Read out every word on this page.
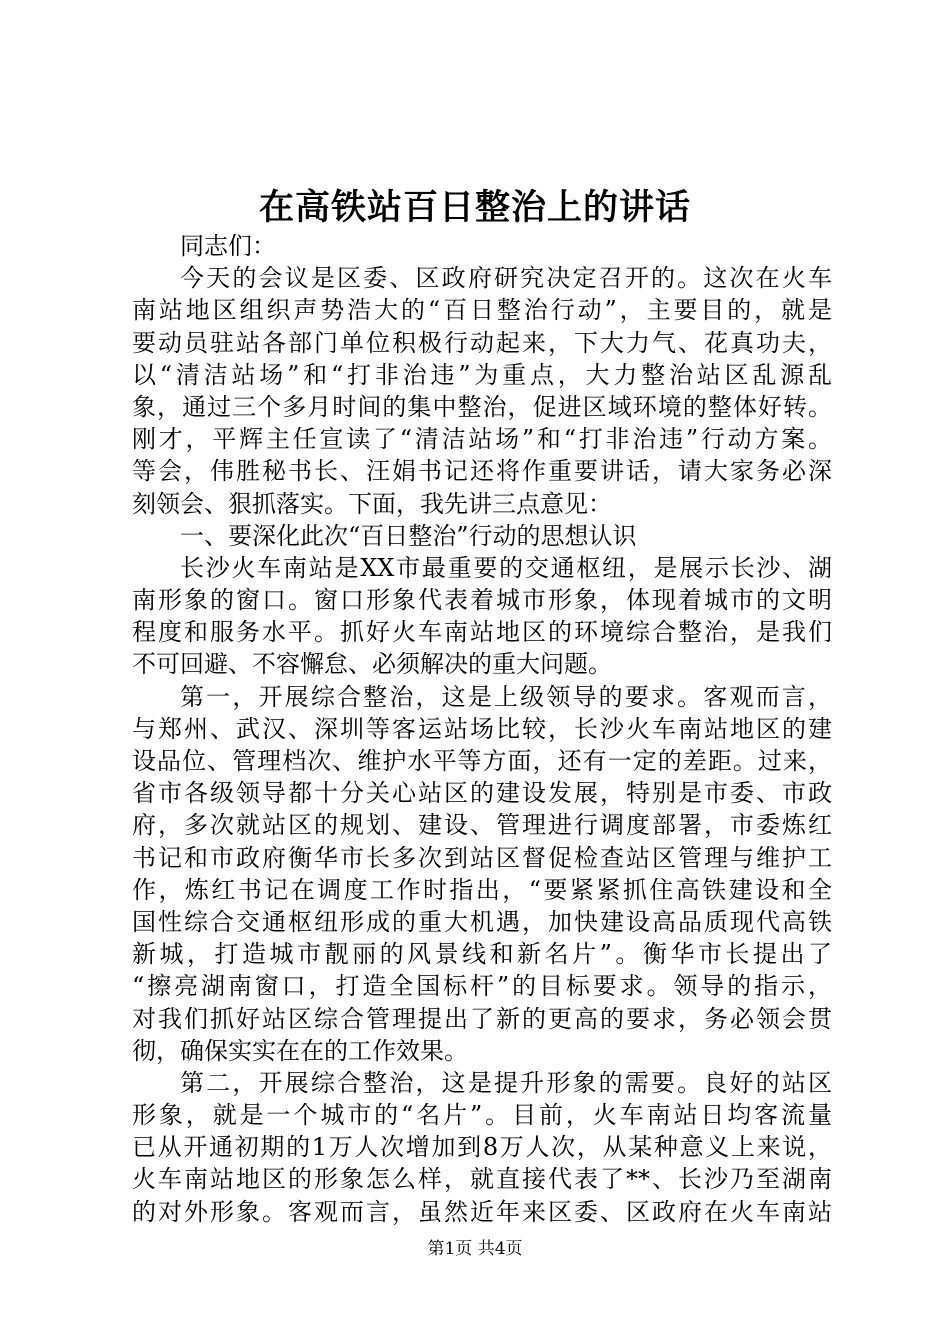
在高铁站百日整治上的讲话
同志们：
今天的会议是区委、区政府研究决定召开的。这次在火车
南站地区组织声势浩大的“百日整治行动”，主要目的，就是
要动员驻站各部门单位积极行动起来，下大力气、花真功夫，
以“清洁站场”和“打非治违”为重点，大力整治站区乱源乱
象，通过三个多月时间的集中整治，促进区域环境的整体好转。
刚才，平辉主任宣读了“清洁站场”和“打非治违”行动方案。
等会，伟胜秘书长、汪娟书记还将作重要讲话，请大家务必深
刻领会、狠抓落实。下面，我先讲三点意见：
一、要深化此次“百日整治”行动的思想认识
长沙火车南站是XX市最重要的交通枢纽，是展示长沙、湖
南形象的窗口。窗口形象代表着城市形象，体现着城市的文明
程度和服务水平。抓好火车南站地区的环境综合整治，是我们
不可回避、不容懈怠、必须解决的重大问题。
第一，开展综合整治，这是上级领导的要求。客观而言，
与郑州、武汉、深圳等客运站场比较，长沙火车南站地区的建
设品位、管理档次、维护水平等方面，还有一定的差距。过来，
省市各级领导都十分关心站区的建设发展，特别是市委、市政
府，多次就站区的规划、建设、管理进行调度部署，市委炼红
书记和市政府衡华市长多次到站区督促检查站区管理与维护工
作，炼红书记在调度工作时指出，“要紧紧抓住高铁建设和全
国性综合交通枢纽形成的重大机遇，加快建设高品质现代高铁
新城，打造城市靓丽的风景线和新名片”。衡华市长提出了
“擦亮湖南窗口，打造全国标杆”的目标要求。领导的指示，
对我们抓好站区综合管理提出了新的更高的要求，务必领会贯
彻，确保实实在在的工作效果。
第二，开展综合整治，这是提升形象的需要。良好的站区
形象，就是一个城市的“名片”。目前，火车南站日均客流量
已从开通初期的1万人次增加到8万人次，从某种意义上来说，
火车南站地区的形象怎么样，就直接代表了**、长沙乃至湖南
的对外形象。客观而言，虽然近年来区委、区政府在火车南站
第1页 共4页
